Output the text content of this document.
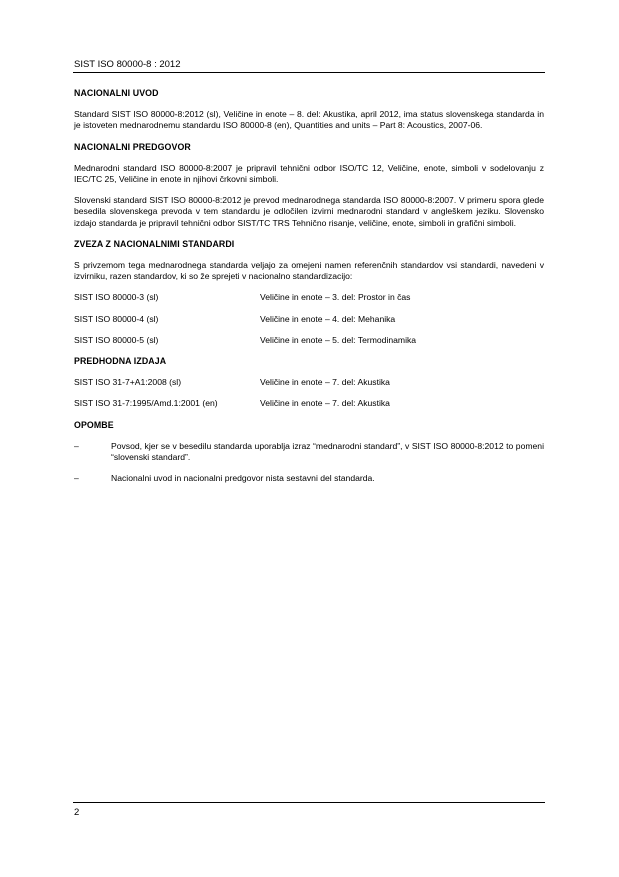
SIST ISO 80000-8 : 2012
NACIONALNI UVOD

Standard SIST ISO 80000-8:2012 (sl), Veličine in enote – 8. del: Akustika, april 2012, ima status slovenskega standarda in je istoveten mednarodnemu standardu ISO 80000-8 (en), Quantities and units – Part 8: Acoustics, 2007-06.

NACIONALNI PREDGOVOR

Mednarodni standard ISO 80000-8:2007 je pripravil tehnični odbor ISO/TC 12, Veličine, enote, simboli v sodelovanju z IEC/TC 25, Veličine in enote in njihovi črkovni simboli.

Slovenski standard SIST ISO 80000-8:2012 je prevod mednarodnega standarda ISO 80000-8:2007. V primeru spora glede besedila slovenskega prevoda v tem standardu je odločilen izvirni mednarodni standard v angleškem jeziku. Slovensko izdajo standarda je pripravil tehnični odbor SIST/TC TRS Tehnično risanje, veličine, enote, simboli in grafični simboli.

ZVEZA Z NACIONALNIMI STANDARDI

S privzemom tega mednarodnega standarda veljajo za omejeni namen referenčnih standardov vsi standardi, navedeni v izvirniku, razen standardov, ki so že sprejeti v nacionalno standardizacijo:

SIST ISO 80000-3 (sl)	Veličine in enote – 3. del: Prostor in čas
SIST ISO 80000-4 (sl)	Veličine in enote – 4. del: Mehanika
SIST ISO 80000-5 (sl)	Veličine in enote – 5. del: Termodinamika
PREDHODNA IZDAJA
SIST ISO 31-7+A1:2008 (sl)	Veličine in enote – 7. del: Akustika
SIST ISO 31-7:1995/Amd.1:2001 (en)	Veličine in enote – 7. del: Akustika
OPOMBE
–	Povsod, kjer se v besedilu standarda uporablja izraz “mednarodni standard”, v SIST ISO 80000-8:2012 to pomeni “slovenski standard”.
–	Nacionalni uvod in nacionalni predgovor nista sestavni del standarda.
2
